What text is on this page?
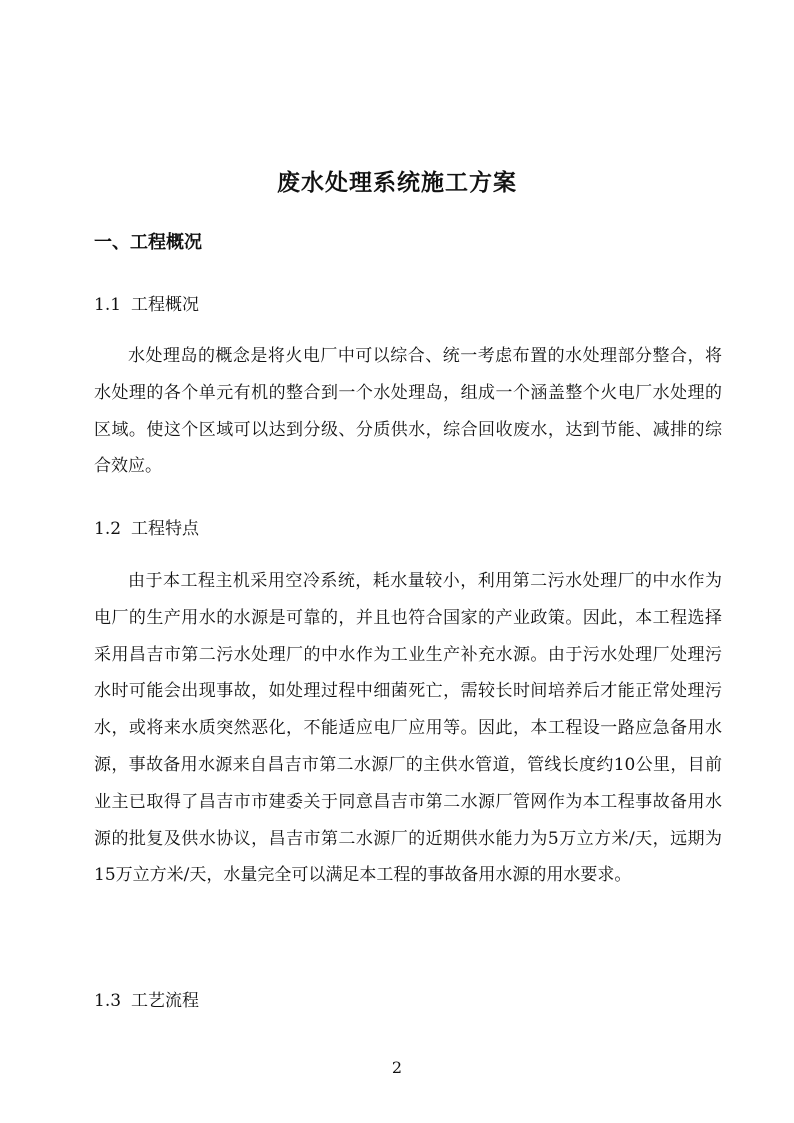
废水处理系统施工方案
一、工程概况
1.1 工程概况

水处理岛的概念是将火电厂中可以综合、统一考虑布置的水处理部分整合，将水处理的各个单元有机的整合到一个水处理岛，组成一个涵盖整个火电厂水处理的区域。使这个区域可以达到分级、分质供水，综合回收废水，达到节能、减排的综合效应。

1.2 工程特点

由于本工程主机采用空冷系统，耗水量较小，利用第二污水处理厂的中水作为电厂的生产用水的水源是可靠的，并且也符合国家的产业政策。因此，本工程选择采用昌吉市第二污水处理厂的中水作为工业生产补充水源。由于污水处理厂处理污水时可能会出现事故，如处理过程中细菌死亡，需较长时间培养后才能正常处理污水，或将来水质突然恶化，不能适应电厂应用等。因此，本工程设一路应急备用水源，事故备用水源来自昌吉市第二水源厂的主供水管道，管线长度约10公里，目前业主已取得了昌吉市市建委关于同意昌吉市第二水源厂管网作为本工程事故备用水源的批复及供水协议，昌吉市第二水源厂的近期供水能力为5万立方米/天，远期为15万立方米/天，水量完全可以满足本工程的事故备用水源的用水要求。

1.3 工艺流程
2
